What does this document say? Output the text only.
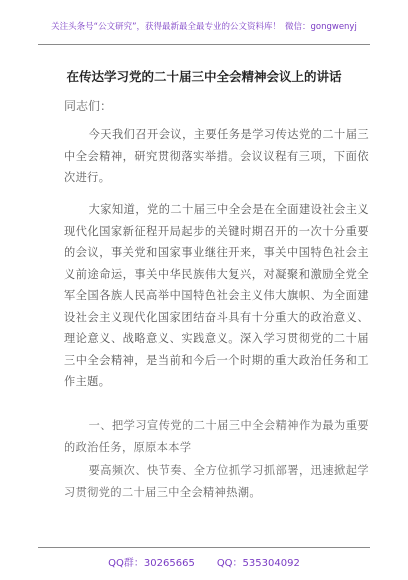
关注头条号“公文研究”，获得最新最全最专业的公文资料库！ 微信：gongwenyj
在传达学习党的二十届三中全会精神会议上的讲话
同志们：

今天我们召开会议，主要任务是学习传达党的二十届三中全会精神，研究贯彻落实举措。会议议程有三项，下面依次进行。

大家知道，党的二十届三中全会是在全面建设社会主义现代化国家新征程开局起步的关键时期召开的一次十分重要的会议，事关党和国家事业继往开来，事关中国特色社会主义前途命运，事关中华民族伟大复兴，对凝聚和激励全党全军全国各族人民高举中国特色社会主义伟大旗帜、为全面建设社会主义现代化国家团结奋斗具有十分重大的政治意义、理论意义、战略意义、实践意义。深入学习贯彻党的二十届三中全会精神，是当前和今后一个时期的重大政治任务和工作主题。

一、把学习宣传党的二十届三中全会精神作为最为重要的政治任务，原原本本学

要高频次、快节奏、全方位抓学习抓部署，迅速掀起学习贯彻党的二十届三中全会精神热潮。

QQ群：30265665 QQ：535304092
